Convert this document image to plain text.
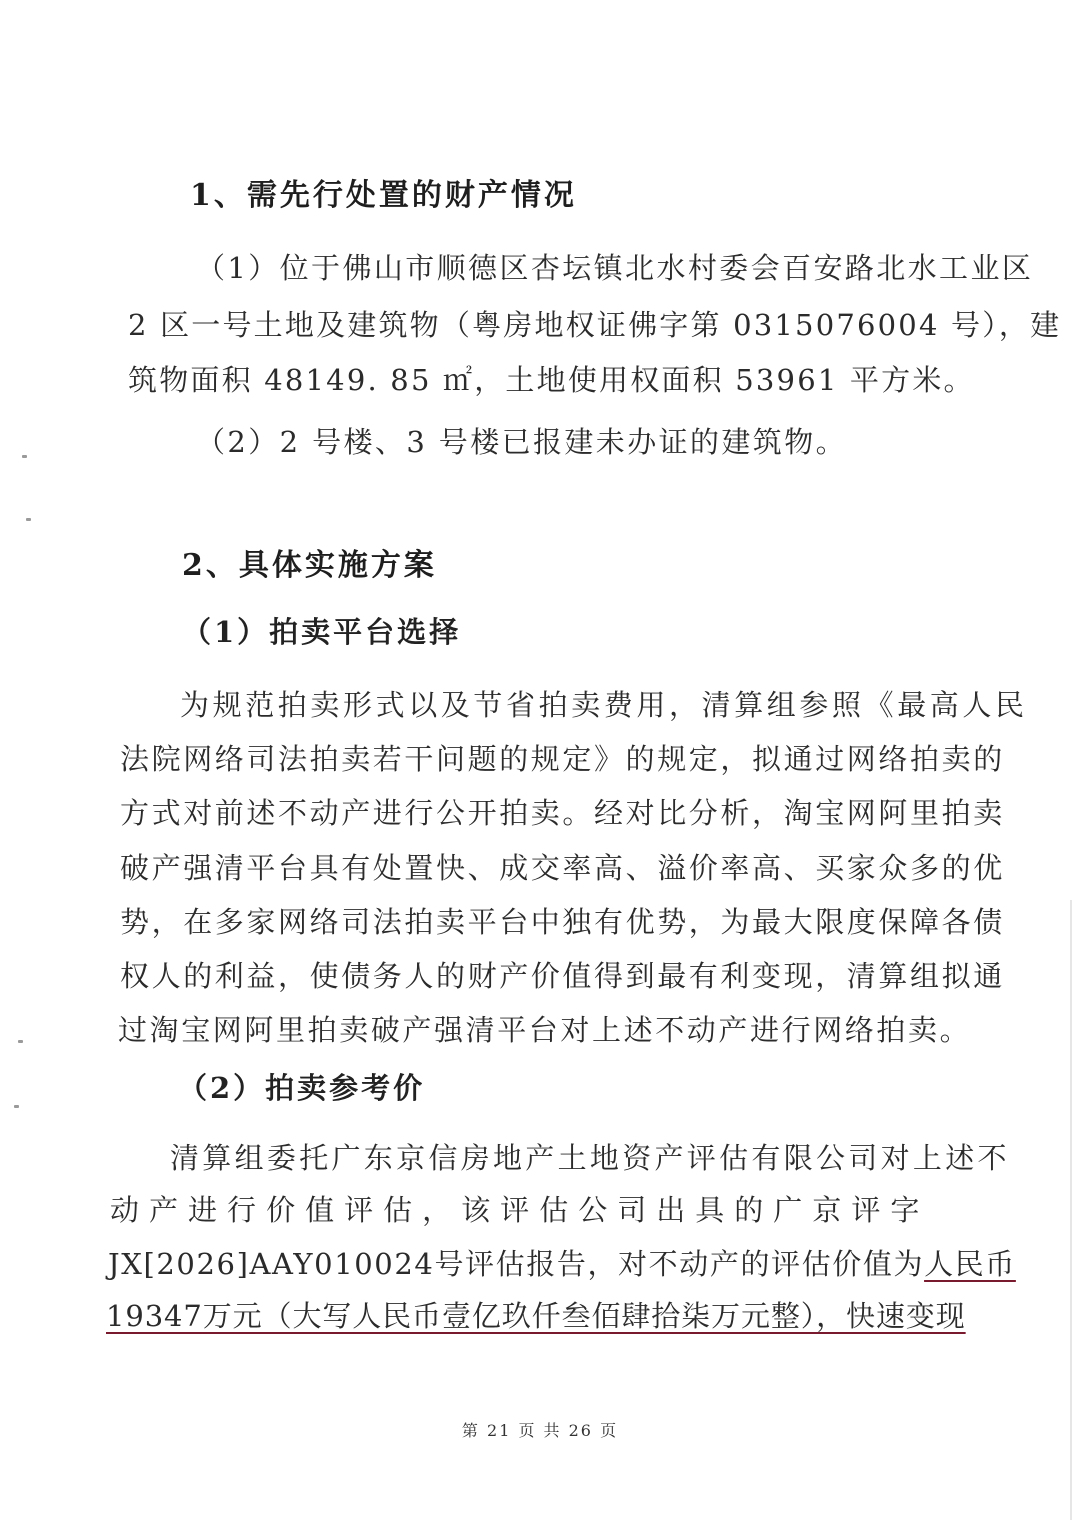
1、需先行处置的财产情况
（1）位于佛山市顺德区杏坛镇北水村委会百安路北水工业区
2 区一号土地及建筑物（粤房地权证佛字第 0315076004 号），建
筑物面积 48149. 85 ㎡，土地使用权面积 53961 平方米。
（2）2 号楼、3 号楼已报建未办证的建筑物。
2、具体实施方案
（1）拍卖平台选择
为规范拍卖形式以及节省拍卖费用，清算组参照《最高人民
法院网络司法拍卖若干问题的规定》的规定，拟通过网络拍卖的
方式对前述不动产进行公开拍卖。经对比分析，淘宝网阿里拍卖
破产强清平台具有处置快、成交率高、溢价率高、买家众多的优
势，在多家网络司法拍卖平台中独有优势，为最大限度保障各债
权人的利益，使债务人的财产价值得到最有利变现，清算组拟通
过淘宝网阿里拍卖破产强清平台对上述不动产进行网络拍卖。
（2）拍卖参考价
清算组委托广东京信房地产土地资产评估有限公司对上述不
动 产 进 行 价 值 评 估 ， 该 评 估 公 司 出 具 的 广 京 评 字
JX[2026]AAY010024号评估报告，对不动产的评估价值为人民币
19347万元（大写人民币壹亿玖仟叁佰肆拾柒万元整），快速变现
第 21 页 共 26 页
